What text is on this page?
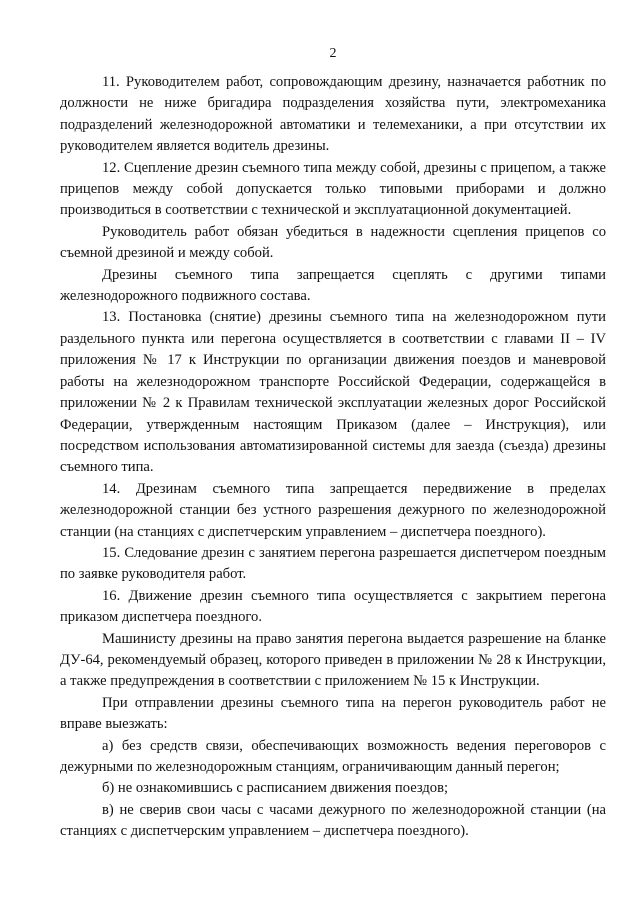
2

11. Руководителем работ, сопровождающим дрезину, назначается работник по должности не ниже бригадира подразделения хозяйства пути, электромеханика подразделений железнодорожной автоматики и телемеханики, а при отсутствии их руководителем является водитель дрезины.

12. Сцепление дрезин съемного типа между собой, дрезины с прицепом, а также прицепов между собой допускается только типовыми приборами и должно производиться в соответствии с технической и эксплуатационной документацией.

Руководитель работ обязан убедиться в надежности сцепления прицепов со съемной дрезиной и между собой.

Дрезины съемного типа запрещается сцеплять с другими типами железнодорожного подвижного состава.

13. Постановка (снятие) дрезины съемного типа на железнодорожном пути раздельного пункта или перегона осуществляется в соответствии с главами II – IV приложения № 17 к Инструкции по организации движения поездов и маневровой работы на железнодорожном транспорте Российской Федерации, содержащейся в приложении № 2 к Правилам технической эксплуатации железных дорог Российской Федерации, утвержденным настоящим Приказом (далее – Инструкция), или посредством использования автоматизированной системы для заезда (съезда) дрезины съемного типа.

14. Дрезинам съемного типа запрещается передвижение в пределах железнодорожной станции без устного разрешения дежурного по железнодорожной станции (на станциях с диспетчерским управлением – диспетчера поездного).

15. Следование дрезин с занятием перегона разрешается диспетчером поездным по заявке руководителя работ.

16. Движение дрезин съемного типа осуществляется с закрытием перегона приказом диспетчера поездного.

Машинисту дрезины на право занятия перегона выдается разрешение на бланке ДУ-64, рекомендуемый образец, которого приведен в приложении № 28 к Инструкции, а также предупреждения в соответствии с приложением № 15 к Инструкции.

При отправлении дрезины съемного типа на перегон руководитель работ не вправе выезжать:

а) без средств связи, обеспечивающих возможность ведения переговоров с дежурными по железнодорожным станциям, ограничивающим данный перегон;

б) не ознакомившись с расписанием движения поездов;

в) не сверив свои часы с часами дежурного по железнодорожной станции (на станциях с диспетчерским управлением – диспетчера поездного).
